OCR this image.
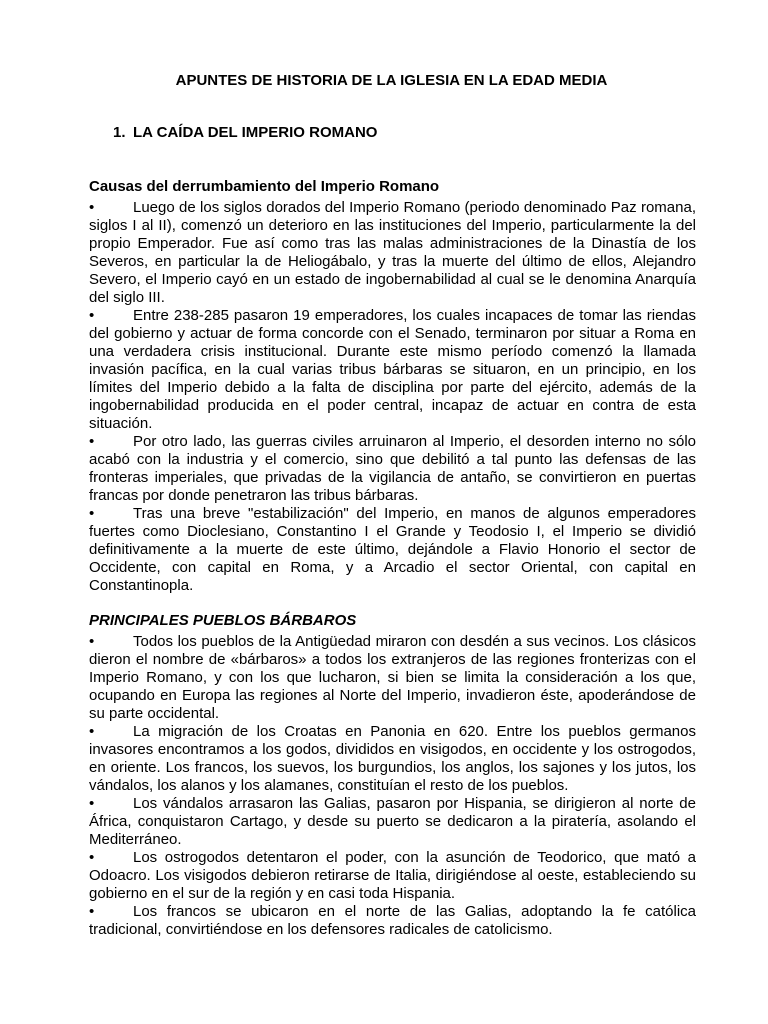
APUNTES DE HISTORIA DE LA IGLESIA EN LA EDAD MEDIA
1. LA CAÍDA DEL IMPERIO ROMANO
Causas del derrumbamiento del Imperio Romano

•	Luego de los siglos dorados del Imperio Romano (periodo denominado Paz romana, siglos I al II), comenzó un deterioro en las instituciones del Imperio, particularmente la del propio Emperador. Fue así como tras las malas administraciones de la Dinastía de los Severos, en particular la de Heliogábalo, y tras la muerte del último de ellos, Alejandro Severo, el Imperio cayó en un estado de ingobernabilidad al cual se le denomina Anarquía del siglo III.

•	Entre 238-285 pasaron 19 emperadores, los cuales incapaces de tomar las riendas del gobierno y actuar de forma concorde con el Senado, terminaron por situar a Roma en una verdadera crisis institucional. Durante este mismo período comenzó la llamada invasión pacífica, en la cual varias tribus bárbaras se situaron, en un principio, en los límites del Imperio debido a la falta de disciplina por parte del ejército, además de la ingobernabilidad producida en el poder central, incapaz de actuar en contra de esta situación.

•	Por otro lado, las guerras civiles arruinaron al Imperio, el desorden interno no sólo acabó con la industria y el comercio, sino que debilitó a tal punto las defensas de las fronteras imperiales, que privadas de la vigilancia de antaño, se convirtieron en puertas francas por donde penetraron las tribus bárbaras.

•	Tras una breve "estabilización" del Imperio, en manos de algunos emperadores fuertes como Dioclesiano, Constantino I el Grande y Teodosio I, el Imperio se dividió definitivamente a la muerte de este último, dejándole a Flavio Honorio el sector de Occidente, con capital en Roma, y a Arcadio el sector Oriental, con capital en Constantinopla.

PRINCIPALES PUEBLOS BÁRBAROS

•	Todos los pueblos de la Antigüedad miraron con desdén a sus vecinos. Los clásicos dieron el nombre de «bárbaros» a todos los extranjeros de las regiones fronterizas con el Imperio Romano, y con los que lucharon, si bien se limita la consideración a los que, ocupando en Europa las regiones al Norte del Imperio, invadieron éste, apoderándose de su parte occidental.

•	La migración de los Croatas en Panonia en 620. Entre los pueblos germanos invasores encontramos a los godos, divididos en visigodos, en occidente y los ostrogodos, en oriente. Los francos, los suevos, los burgundios, los anglos, los sajones y los jutos, los vándalos, los alanos y los alamanes, constituían el resto de los pueblos.

•	Los vándalos arrasaron las Galias, pasaron por Hispania, se dirigieron al norte de África, conquistaron Cartago, y desde su puerto se dedicaron a la piratería, asolando el Mediterráneo.

•	Los ostrogodos detentaron el poder, con la asunción de Teodorico, que mató a Odoacro. Los visigodos debieron retirarse de Italia, dirigiéndose al oeste, estableciendo su gobierno en el sur de la región y en casi toda Hispania.

•	Los francos se ubicaron en el norte de las Galias, adoptando la fe católica tradicional, convirtiéndose en los defensores radicales de catolicismo.
